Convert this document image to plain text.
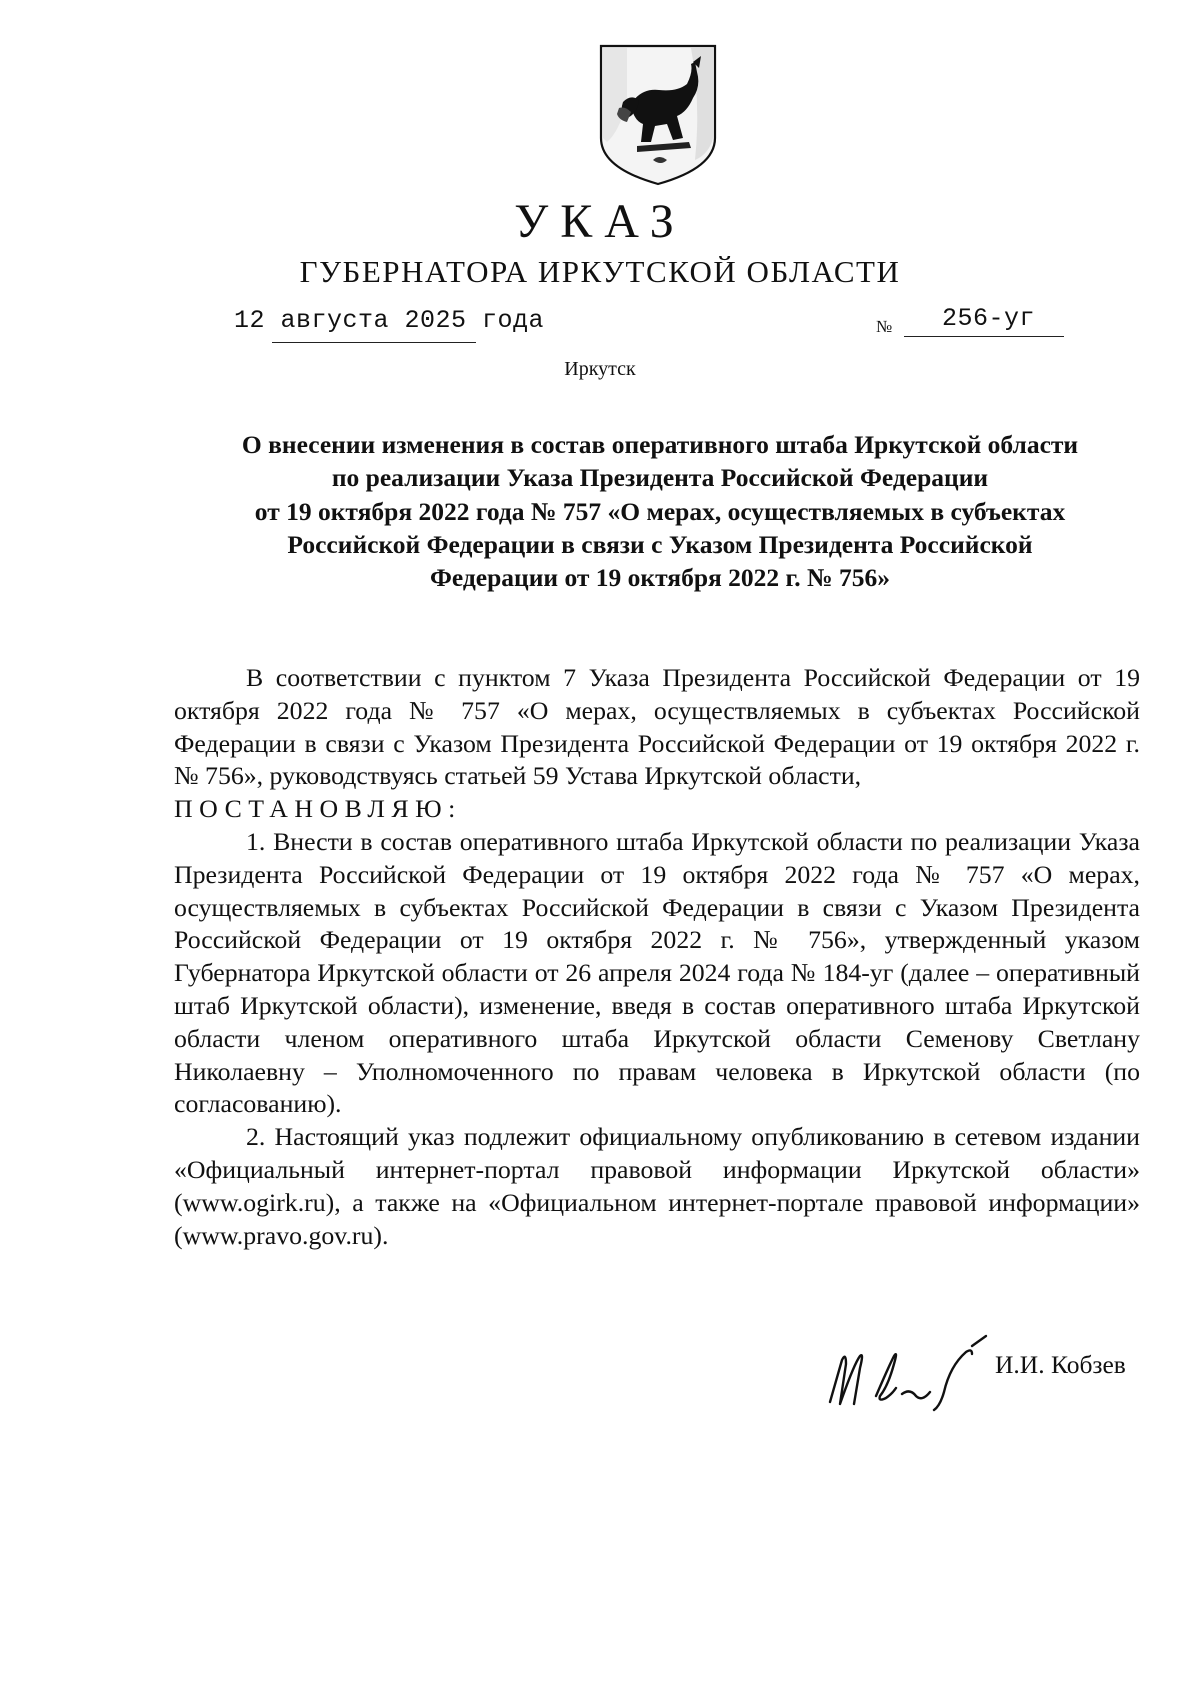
УКАЗ
ГУБЕРНАТОРА ИРКУТСКОЙ ОБЛАСТИ
12 августа 2025 года	№ 256-уг
Иркутск
О внесении изменения в состав оперативного штаба Иркутской области
по реализации Указа Президента Российской Федерации
от 19 октября 2022 года № 757 «О мерах, осуществляемых в субъектах
Российской Федерации в связи с Указом Президента Российской
Федерации от 19 октября 2022 г. № 756»

В соответствии с пунктом 7 Указа Президента Российской Федерации от 19 октября 2022 года № 757 «О мерах, осуществляемых в субъектах Российской Федерации в связи с Указом Президента Российской Федерации от 19 октября 2022 г. № 756», руководствуясь статьей 59 Устава Иркутской области,

ПОСТАНОВЛЯЮ:

1. Внести в состав оперативного штаба Иркутской области по реализации Указа Президента Российской Федерации от 19 октября 2022 года № 757 «О мерах, осуществляемых в субъектах Российской Федерации в связи с Указом Президента Российской Федерации от 19 октября 2022 г. № 756», утвержденный указом Губернатора Иркутской области от 26 апреля 2024 года № 184-уг (далее – оперативный штаб Иркутской области), изменение, введя в состав оперативного штаба Иркутской области членом оперативного штаба Иркутской области Семенову Светлану Николаевну – Уполномоченного по правам человека в Иркутской области (по согласованию).

2. Настоящий указ подлежит официальному опубликованию в сетевом издании «Официальный интернет-портал правовой информации Иркутской области» (www.ogirk.ru), а также на «Официальном интернет-портале правовой информации» (www.pravo.gov.ru).

И.И. Кобзев
